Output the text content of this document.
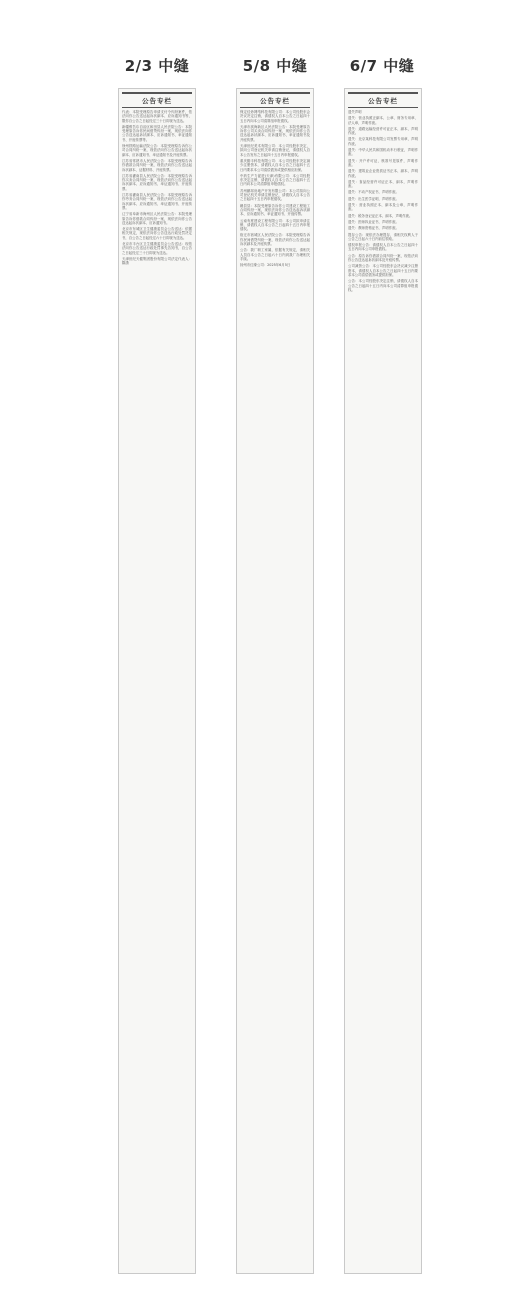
2/3 中缝	5/8 中缝	6/7 中缝
公告专栏
代表：本院受理原告申请支付令纠纷案件，依法向你公告送达起诉状副本、应诉通知书等，限你自公告之日起经过三十日即视为送达。
新疆维吾尔自治区和田县人民法院公告：本院受理原告诉你民间借贷纠纷一案，现依法向你公告送达起诉状副本、应诉通知书、举证通知书、开庭传票等。
徐州铁路运输法院公告：本院受理原告诉你公司合同纠纷一案，现依法向你公告送达起诉状副本、应诉通知书、举证通知书及开庭传票。
江苏省常熟市人民法院公告：本院受理原告诉你借款合同纠纷一案，现依法向你公告送达起诉状副本、证据材料、开庭传票。
江苏省灌南县人民法院公告：本院受理原告诉你买卖合同纠纷一案，现依法向你公告送达起诉状副本、应诉通知书、举证通知书、开庭传票。
江苏省灌南县人民法院公告：本院受理原告诉你劳务合同纠纷一案，现依法向你公告送达起诉状副本、应诉通知书、举证通知书、开庭传票。
辽宁省阜新市海州区人民法院公告：本院受理原告诉你借款合同纠纷一案，现依法向你公告送达起诉状副本、应诉通知书。
北京市东城区卫生健康委员会公告送达：依据相关规定，现依法向你公告送达行政处罚决定书，自公告之日起经过六十日即视为送达。
北京市丰台区卫生健康委员会公告送达：现依法向你公告送达行政处罚事先告知书，自公告之日起经过三十日即视为送达。
天津世纪天健集团股份有限公司法定代表人：隋潇
公告专栏
保定佳炒网络科技有限公司：本公司经股东会决议决定注销，请债权人自本公告之日起四十五日内向本公司清算组申报债权。
天津市滨海新区人民法院公告：本院受理原告诉你公司买卖合同纠纷一案，现依法向你公告送达起诉状副本、应诉通知书、举证通知书及开庭传票。
天津世纪美术有限公司：本公司经股东决定，拟向公司登记机关申请注销登记，请债权人自本公告发布之日起四十五日内申报债权。
重庆勤丰科技有限公司：本公司经股东决定减少注册资本，请债权人自本公告之日起四十五日内要求本公司清偿债务或提供相应担保。
中药生产力促进(天津)有限公司：本公司经股东决定注销，请债权人自本公告之日起四十五日内向本公司清算组申报债权。
苏州鹏邦房地产开发有限公司：本公司拟向公司登记机关申请注销登记，请债权人自本公告之日起四十五日内申报债权。
赣县县：本院受理原告诉你公司建设工程施工合同纠纷一案，现依法向你公告送达起诉状副本、应诉通知书、举证通知书、开庭传票。
云南有度建设工程有限公司：本公司拟申请注销，请债权人自本公告之日起四十五日内申报债权。
宿迁市宿城区人民法院公告：本院受理原告诉你民间借贷纠纷一案，现依法向你公告送达起诉状副本及开庭传票。
公告：我厂职工家属，依据有关规定，请相关人员自本公告之日起六十日内到我厂办理相关手续。
扬州市红缘公司：2025年6月5日
公告专栏
遗失声明
遗失：营业执照正副本、公章、财务专用章、法人章，声明作废。
遗失：道路运输经营许可证正本、副本，声明作废。
遗失：北京某科技有限公司发票专用章，声明作废。
遗失：中华人民共和国机动车行驶证，声明作废。
遗失：开户许可证，核准号见原件，声明作废。
遗失：建筑业企业资质证书正本、副本，声明作废。
遗失：食品经营许可证正本、副本，声明作废。
遗失：不动产权证书，声明作废。
遗失：出生医学证明，声明作废。
遗失：营业执照正本、副本及公章，声明作废。
遗失：税务登记证正本、副本，声明作废。
遗失：医师执业证书，声明作废。
遗失：教师资格证书，声明作废。
提存公告：现依法办理提存，请相关权利人于公告之日起六十日内前往领取。
债权申报公告：请债权人自本公告之日起四十五日内向本公司申报债权。
公告：原告诉你借款合同纠纷一案，现依法向你公告送达起诉状副本及开庭传票。
公司减资公告：本公司经股东会决议减少注册资本，请债权人自本公告之日起四十五日内要求本公司清偿债务或提供担保。
公告：本公司经股东决定注销，请债权人自本公告之日起四十五日内向本公司清算组申报债权。
